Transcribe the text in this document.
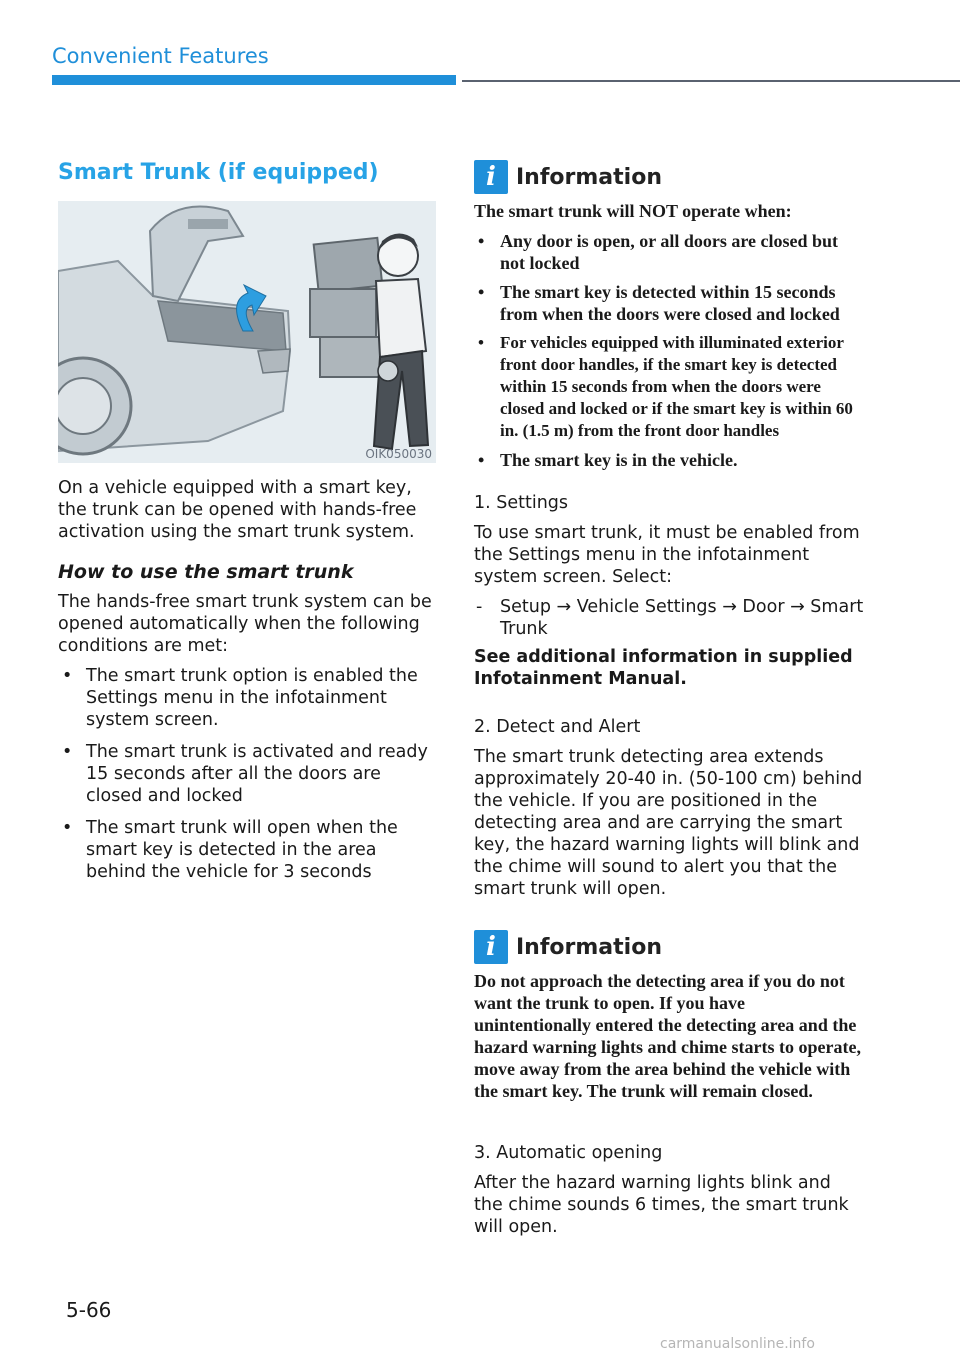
Convenient Features
Smart Trunk (if equipped)
OIK050030

On a vehicle equipped with a smart key, the trunk can be opened with hands-free activation using the smart trunk system.

How to use the smart trunk

The hands-free smart trunk system can be opened automatically when the following conditions are met:

• The smart trunk option is enabled the Settings menu in the infotainment system screen.
• The smart trunk is activated and ready 15 seconds after all the doors are closed and locked
• The smart trunk will open when the smart key is detected in the area behind the vehicle for 3 seconds
i Information
The smart trunk will NOT operate when:
• Any door is open, or all doors are closed but not locked
• The smart key is detected within 15 seconds from when the doors were closed and locked
• For vehicles equipped with illuminated exterior front door handles, if the smart key is detected within 15 seconds from when the doors were closed and locked or if the smart key is within 60 in. (1.5 m) from the front door handles
• The smart key is in the vehicle.

1. Settings

To use smart trunk, it must be enabled from the Settings menu in the infotainment system screen. Select:

- Setup → Vehicle Settings → Door → Smart Trunk

See additional information in supplied Infotainment Manual.

2. Detect and Alert

The smart trunk detecting area extends approximately 20-40 in. (50-100 cm) behind the vehicle. If you are positioned in the detecting area and are carrying the smart key, the hazard warning lights will blink and the chime will sound to alert you that the smart trunk will open.

i Information
Do not approach the detecting area if you do not want the trunk to open. If you have unintentionally entered the detecting area and the hazard warning lights and chime starts to operate, move away from the area behind the vehicle with the smart key. The trunk will remain closed.

3. Automatic opening

After the hazard warning lights blink and the chime sounds 6 times, the smart trunk will open.

5-66
carmanualsonline.info
